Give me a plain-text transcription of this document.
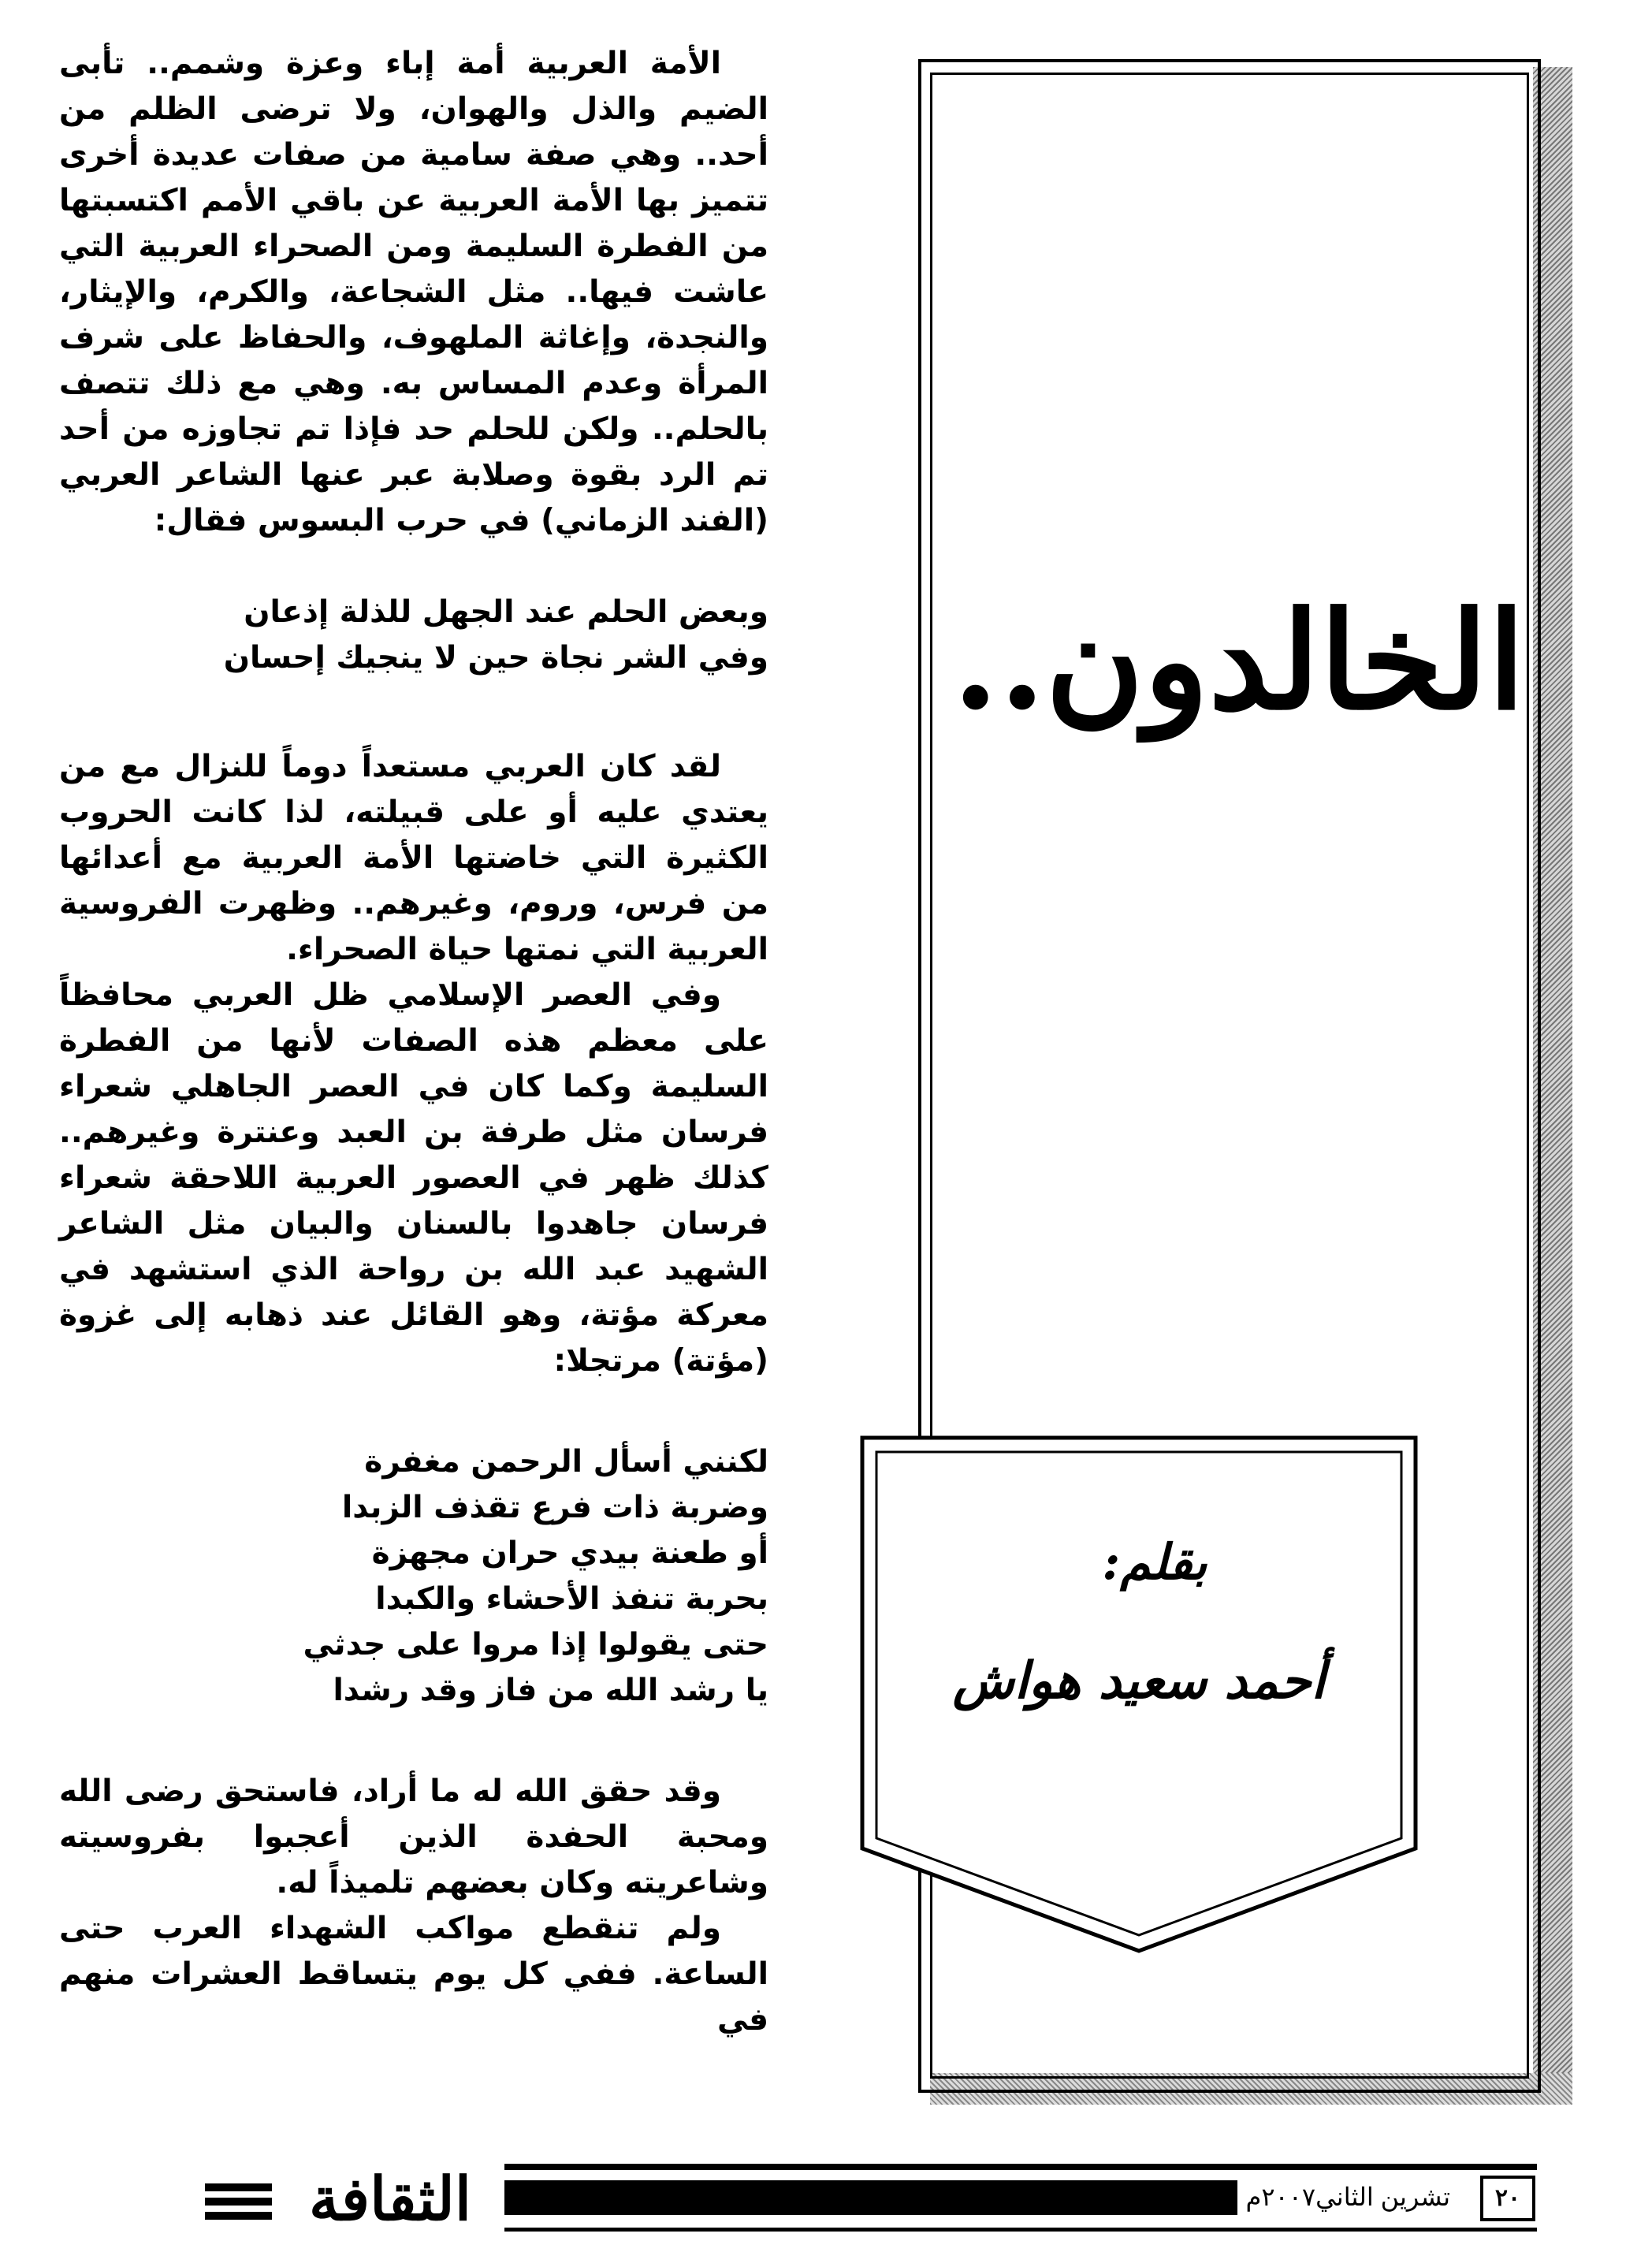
الخالدون..
بقلم:
أحمد سعيد هواش

الأمة العربية أمة إباء وعزة وشمم.. تأبى الضيم والذل والهوان، ولا ترضى الظلم من أحد.. وهي صفة سامية من صفات عديدة أخرى تتميز بها الأمة العربية عن باقي الأمم اكتسبتها من الفطرة السليمة ومن الصحراء العربية التي عاشت فيها.. مثل الشجاعة، والكرم، والإيثار، والنجدة، وإغاثة الملهوف، والحفاظ على شرف المرأة وعدم المساس به. وهي مع ذلك تتصف بالحلم.. ولكن للحلم حد فإذا تم تجاوزه من أحد تم الرد بقوة وصلابة عبر عنها الشاعر العربي (الفند الزماني) في حرب البسوس فقال:

وبعض الحلم عند الجهل للذلة إذعان

وفي الشر نجاة حين لا ينجيك إحسان

لقد كان العربي مستعداً دوماً للنزال مع من يعتدي عليه أو على قبيلته، لذا كانت الحروب الكثيرة التي خاضتها الأمة العربية مع أعدائها من فرس، وروم، وغيرهم.. وظهرت الفروسية العربية التي نمتها حياة الصحراء.

وفي العصر الإسلامي ظل العربي محافظاً على معظم هذه الصفات لأنها من الفطرة السليمة وكما كان في العصر الجاهلي شعراء فرسان مثل طرفة بن العبد وعنترة وغيرهم.. كذلك ظهر في العصور العربية اللاحقة شعراء فرسان جاهدوا بالسنان والبيان مثل الشاعر الشهيد عبد الله بن رواحة الذي استشهد في معركة مؤتة، وهو القائل عند ذهابه إلى غزوة (مؤتة) مرتجلا:

لكنني أسأل الرحمن مغفرة

وضربة ذات فرع تقذف الزبدا

أو طعنة بيدي حران مجهزة

بحربة تنفذ الأحشاء والكبدا

حتى يقولوا إذا مروا على جدثي

يا رشد الله من فاز وقد رشدا

وقد حقق الله له ما أراد، فاستحق رضى الله ومحبة الحفدة الذين أعجبوا بفروسيته وشاعريته وكان بعضهم تلميذاً له.

ولم تنقطع مواكب الشهداء العرب حتى الساعة. ففي كل يوم يتساقط العشرات منهم في

الثقافة	تشرين الثاني٢٠٠٧م	٢٠
